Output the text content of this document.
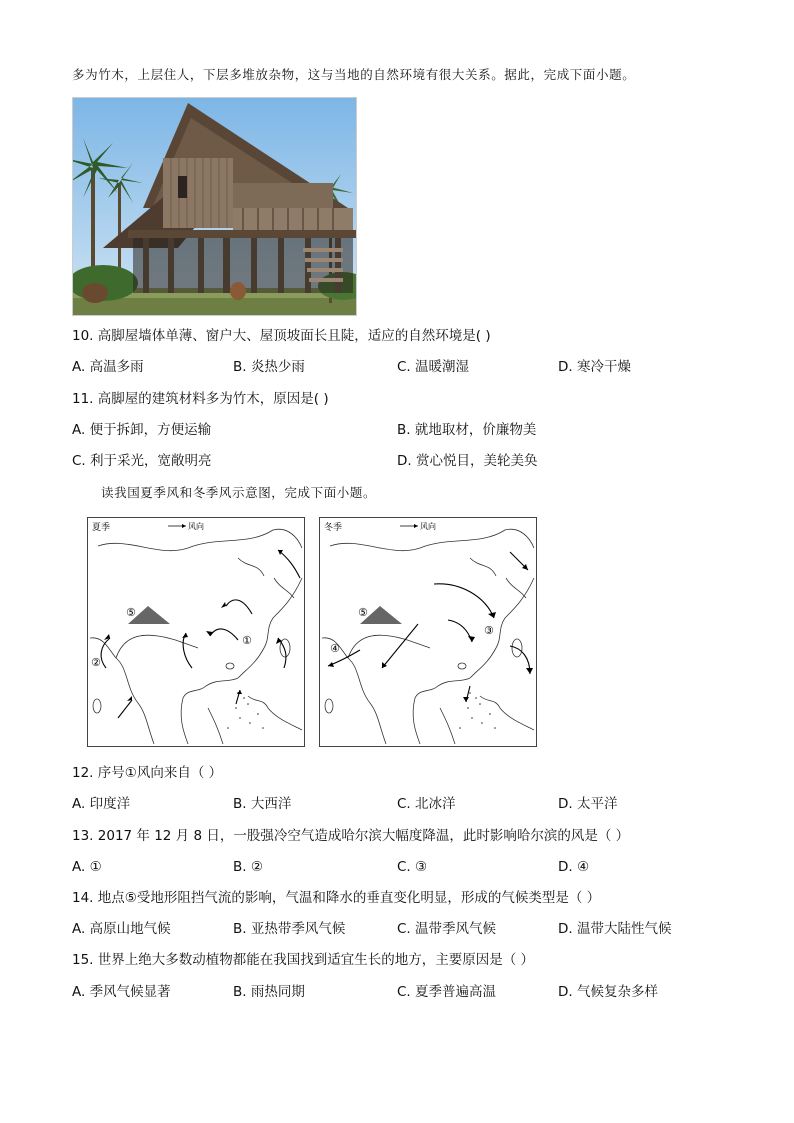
多为竹木，上层住人，下层多堆放杂物，这与当地的自然环境有很大关系。据此，完成下面小题。
10. 高脚屋墙体单薄、窗户大、屋顶坡面长且陡，适应的自然环境是( )
A. 高温多雨	B. 炎热少雨	C. 温暖潮湿	D. 寒冷干燥
11. 高脚屋的建筑材料多为竹木，原因是( )
A. 便于拆卸，方便运输	B. 就地取材，价廉物美
C. 利于采光，宽敞明亮	D. 赏心悦目，美轮美奂
读我国夏季风和冬季风示意图，完成下面小题。
夏季	风向
⑤
①
②
冬季	风向
⑤
③
④
12. 序号①风向来自（ ）
A. 印度洋	B. 大西洋	C. 北冰洋	D. 太平洋
13. 2017 年 12 月 8 日，一股强冷空气造成哈尔滨大幅度降温，此时影响哈尔滨的风是（ ）
A. ①	B. ②	C. ③	D. ④
14. 地点⑤受地形阻挡气流的影响，气温和降水的垂直变化明显，形成的气候类型是（ ）
A. 高原山地气候	B. 亚热带季风气候	C. 温带季风气候	D. 温带大陆性气候
15. 世界上绝大多数动植物都能在我国找到适宜生长的地方，主要原因是（ ）
A. 季风气候显著	B. 雨热同期	C. 夏季普遍高温	D. 气候复杂多样
